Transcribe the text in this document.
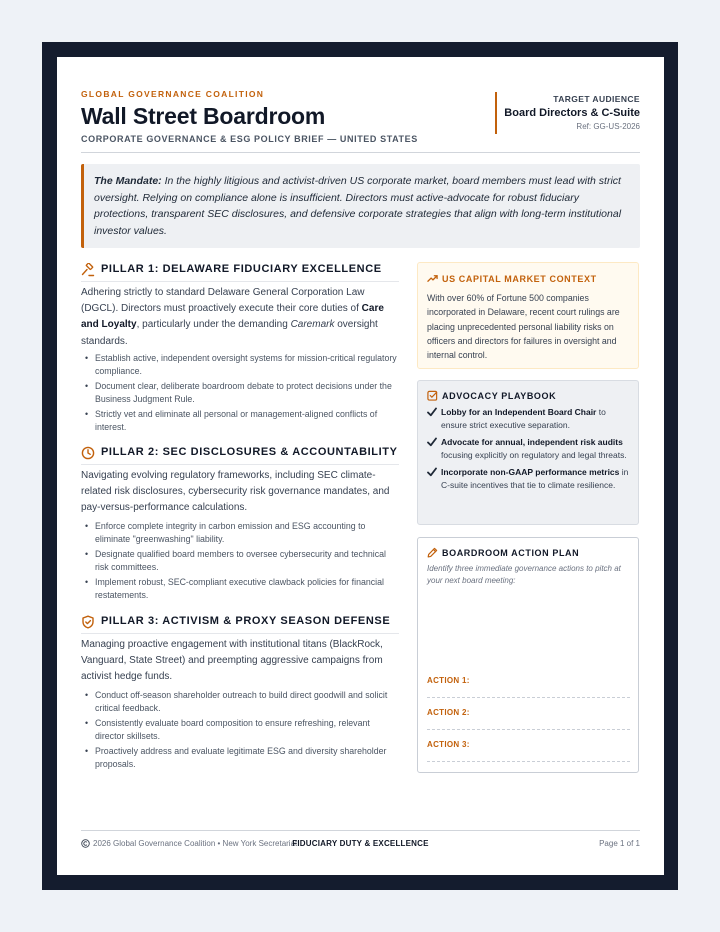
GLOBAL GOVERNANCE COALITION
Wall Street Boardroom
CORPORATE GOVERNANCE & ESG POLICY BRIEF — UNITED STATES
TARGET AUDIENCE
Board Directors & C-Suite
Ref: GG-US-2026
The Mandate: In the highly litigious and activist-driven US corporate market, board members must lead with strict oversight. Relying on compliance alone is insufficient. Directors must active-advocate for robust fiduciary protections, transparent SEC disclosures, and defensive corporate strategies that align with long-term institutional investor values.
PILLAR 1: DELAWARE FIDUCIARY EXCELLENCE
Adhering strictly to standard Delaware General Corporation Law (DGCL). Directors must proactively execute their core duties of Care and Loyalty, particularly under the demanding Caremark oversight standards.
• Establish active, independent oversight systems for mission-critical regulatory compliance.
• Document clear, deliberate boardroom debate to protect decisions under the Business Judgment Rule.
• Strictly vet and eliminate all personal or management-aligned conflicts of interest.
PILLAR 2: SEC DISCLOSURES & ACCOUNTABILITY
Navigating evolving regulatory frameworks, including SEC climate-related risk disclosures, cybersecurity risk governance mandates, and pay-versus-performance calculations.
• Enforce complete integrity in carbon emission and ESG accounting to eliminate "greenwashing" liability.
• Designate qualified board members to oversee cybersecurity and technical risk committees.
• Implement robust, SEC-compliant executive clawback policies for financial restatements.
PILLAR 3: ACTIVISM & PROXY SEASON DEFENSE
Managing proactive engagement with institutional titans (BlackRock, Vanguard, State Street) and preempting aggressive campaigns from activist hedge funds.
• Conduct off-season shareholder outreach to build direct goodwill and solicit critical feedback.
• Consistently evaluate board composition to ensure refreshing, relevant director skillsets.
• Proactively address and evaluate legitimate ESG and diversity shareholder proposals.
US CAPITAL MARKET CONTEXT
With over 60% of Fortune 500 companies incorporated in Delaware, recent court rulings are placing unprecedented personal liability risks on officers and directors for failures in oversight and internal control.
ADVOCACY PLAYBOOK
Lobby for an Independent Board Chair to ensure strict executive separation.
Advocate for annual, independent risk audits focusing explicitly on regulatory and legal threats.
Incorporate non-GAAP performance metrics in C-suite incentives that tie to climate resilience.
BOARDROOM ACTION PLAN
Identify three immediate governance actions to pitch at your next board meeting:
ACTION 1:
ACTION 2:
ACTION 3:
2026 Global Governance Coalition • New York Secretariat
FIDUCIARY DUTY & EXCELLENCE	Page 1 of 1
